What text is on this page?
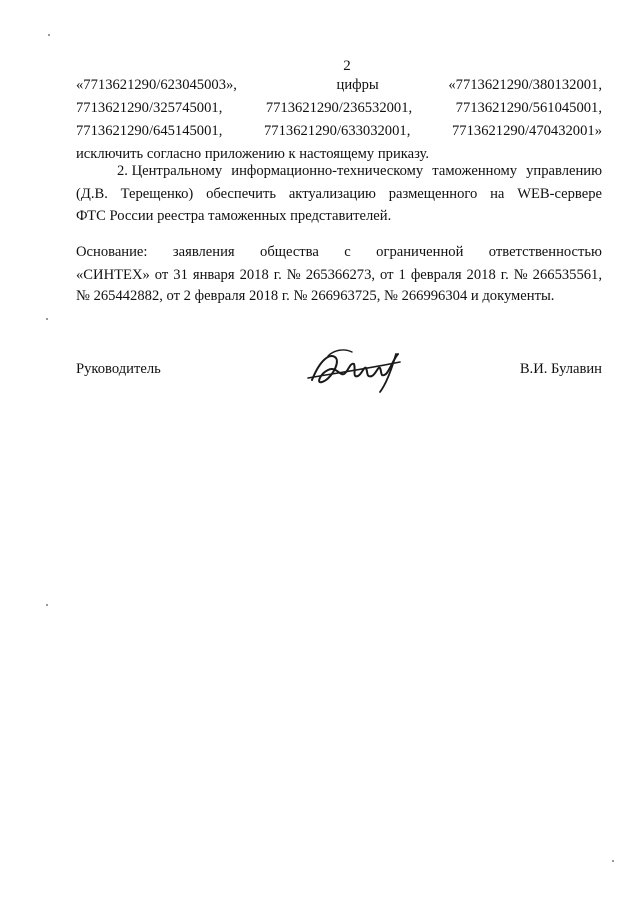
2
«7713621290/623045003»,	цифры	«7713621290/380132001,
7713621290/325745001,	7713621290/236532001,	7713621290/561045001,
7713621290/645145001,	7713621290/633032001,	7713621290/470432001»
исключить согласно приложению к настоящему приказу.
2. Центральному информационно-техническому таможенному управлению
(Д.В. Терещенко) обеспечить актуализацию размещенного на WEB-сервере
ФТС России реестра таможенных представителей.
Основание: заявления общества с ограниченной ответственностью
«СИНТЕХ» от 31 января 2018 г. № 265366273, от 1 февраля 2018 г. № 266535561,
№ 265442882, от 2 февраля 2018 г. № 266963725, № 266996304 и документы.
Руководитель	В.И. Булавин
